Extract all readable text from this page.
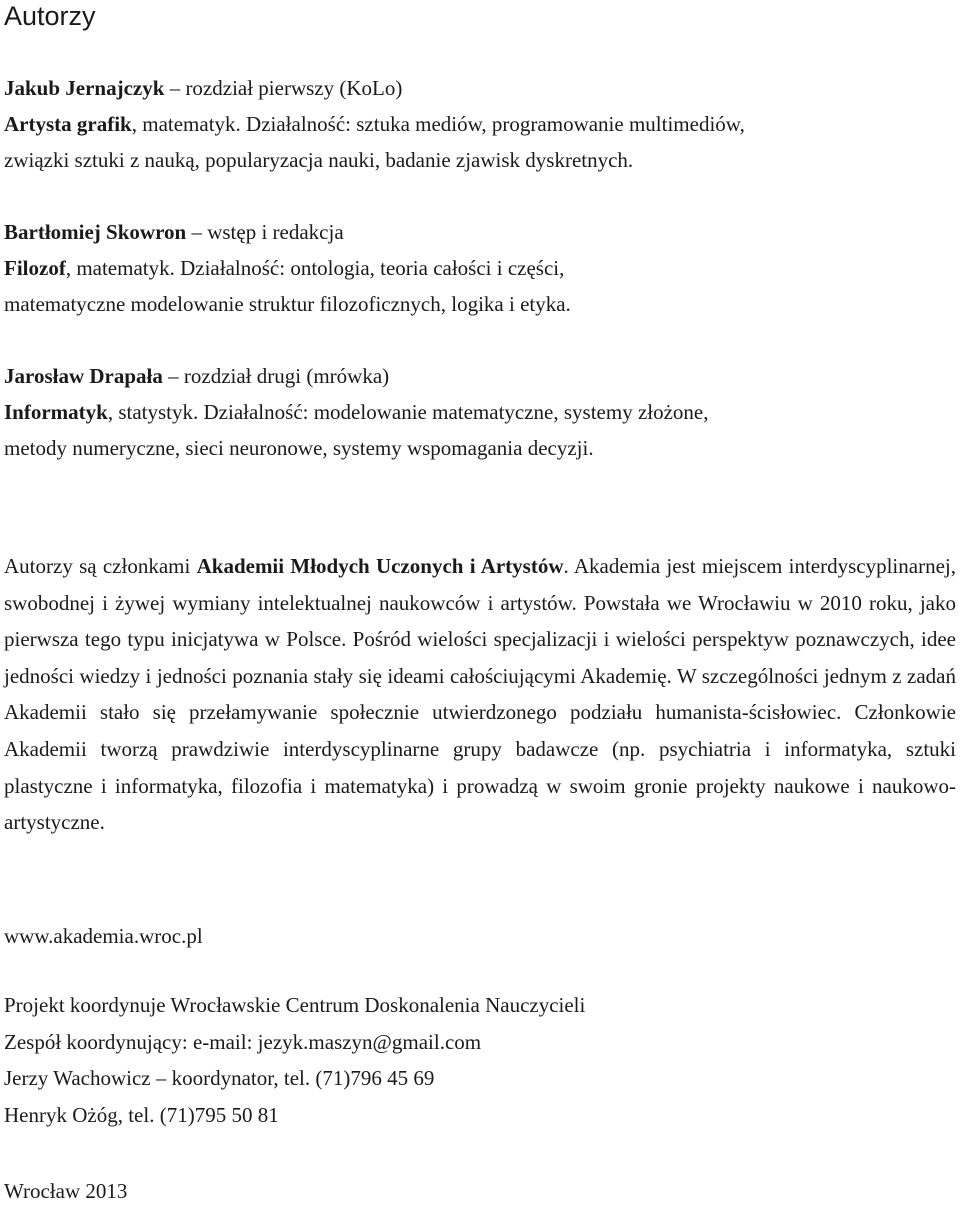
Autorzy

Jakub Jernajczyk – rozdział pierwszy (KoLo)

Artysta grafik, matematyk. Działalność: sztuka mediów, programowanie multimediów,

związki sztuki z nauką, popularyzacja nauki, badanie zjawisk dyskretnych.

Bartłomiej Skowron – wstęp i redakcja

Filozof, matematyk. Działalność: ontologia, teoria całości i części,

matematyczne modelowanie struktur filozoficznych, logika i etyka.

Jarosław Drapała – rozdział drugi (mrówka)

Informatyk, statystyk. Działalność: modelowanie matematyczne, systemy złożone,

metody numeryczne, sieci neuronowe, systemy wspomagania decyzji.

Autorzy są członkami Akademii Młodych Uczonych i Artystów. Akademia jest miejscem interdyscyplinarnej, swobodnej i żywej wymiany intelektualnej naukowców i artystów. Powstała we Wrocławiu w 2010 roku, jako pierwsza tego typu inicjatywa w Polsce. Pośród wielości specjalizacji i wielości perspektyw poznawczych, idee jedności wiedzy i jedności poznania stały się ideami całościującymi Akademię. W szczególności jednym z zadań Akademii stało się przełamywanie społecznie utwierdzonego podziału humanista-ścisłowiec. Członkowie Akademii tworzą prawdziwie interdyscyplinarne grupy badawcze (np. psychiatria i informatyka, sztuki plastyczne i informatyka, filozofia i matematyka) i prowadzą w swoim gronie projekty naukowe i naukowo-artystyczne.

www.akademia.wroc.pl

Projekt koordynuje Wrocławskie Centrum Doskonalenia Nauczycieli

Zespół koordynujący: e-mail: jezyk.maszyn@gmail.com

Jerzy Wachowicz – koordynator, tel. (71)796 45 69

Henryk Ożóg, tel. (71)795 50 81

Wrocław 2013
